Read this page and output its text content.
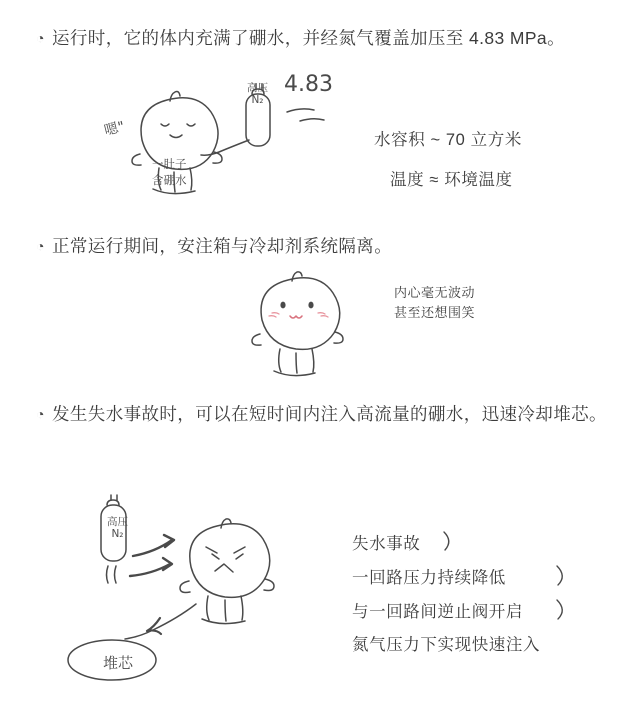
◔ 运行时，它的体内充满了硼水，并经氮气覆盖加压至 4.83 MPa。
4.83
高压
N₂
嗯"
一肚子
含硼水
水容积 ~ 70 立方米
温度 ≈ 环境温度
◔ 正常运行期间，安注箱与冷却剂系统隔离。
内心毫无波动
甚至还想围笑
◔ 发生失水事故时，可以在短时间内注入高流量的硼水，迅速冷却堆芯。
高压
N₂
堆芯
失水事故
一回路压力持续降低
与一回路间逆止阀开启
氮气压力下实现快速注入
